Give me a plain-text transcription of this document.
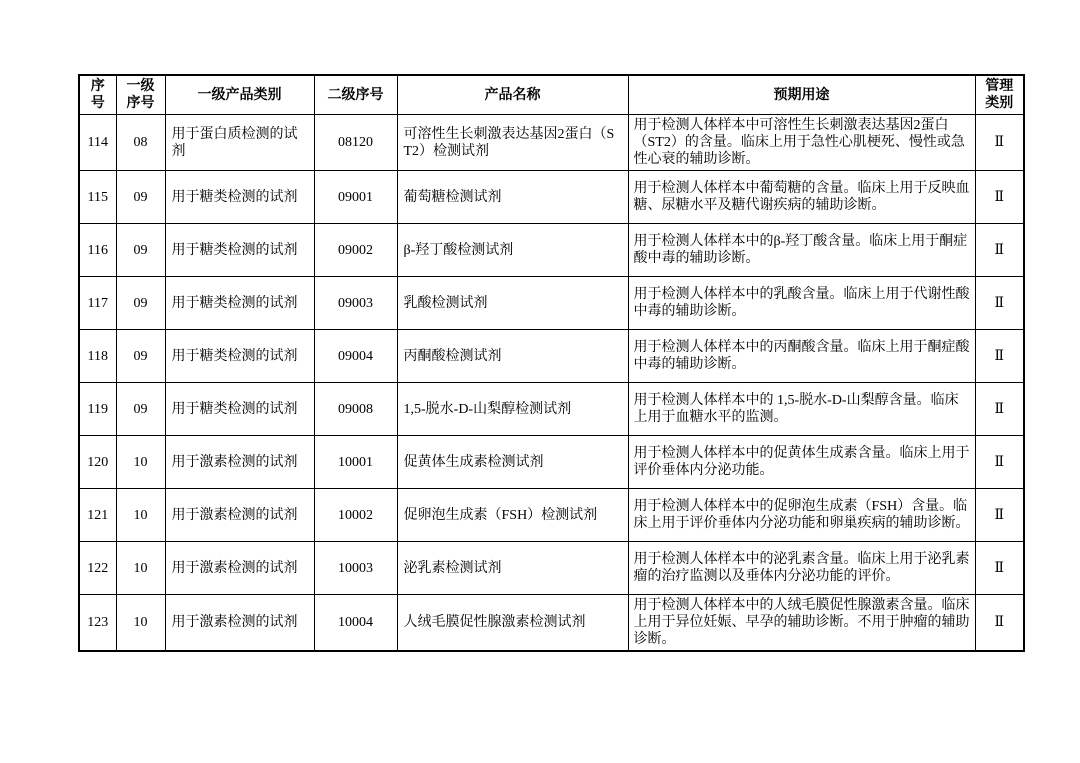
序号	一级序号	一级产品类别	二级序号	产品名称	预期用途	管理类别
114	08	用于蛋白质检测的试剂	08120	可溶性生长刺激表达基因2蛋白（ST2）检测试剂	用于检测人体样本中可溶性生长刺激表达基因2蛋白（ST2）的含量。临床上用于急性心肌梗死、慢性或急性心衰的辅助诊断。	Ⅱ
115	09	用于糖类检测的试剂	09001	葡萄糖检测试剂	用于检测人体样本中葡萄糖的含量。临床上用于反映血糖、尿糖水平及糖代谢疾病的辅助诊断。	Ⅱ
116	09	用于糖类检测的试剂	09002	β-羟丁酸检测试剂	用于检测人体样本中的β-羟丁酸含量。临床上用于酮症酸中毒的辅助诊断。	Ⅱ
117	09	用于糖类检测的试剂	09003	乳酸检测试剂	用于检测人体样本中的乳酸含量。临床上用于代谢性酸中毒的辅助诊断。	Ⅱ
118	09	用于糖类检测的试剂	09004	丙酮酸检测试剂	用于检测人体样本中的丙酮酸含量。临床上用于酮症酸中毒的辅助诊断。	Ⅱ
119	09	用于糖类检测的试剂	09008	1,5-脱水-D-山梨醇检测试剂	用于检测人体样本中的 1,5-脱水-D-山梨醇含量。临床上用于血糖水平的监测。	Ⅱ
120	10	用于激素检测的试剂	10001	促黄体生成素检测试剂	用于检测人体样本中的促黄体生成素含量。临床上用于评价垂体内分泌功能。	Ⅱ
121	10	用于激素检测的试剂	10002	促卵泡生成素（FSH）检测试剂	用于检测人体样本中的促卵泡生成素（FSH）含量。临床上用于评价垂体内分泌功能和卵巢疾病的辅助诊断。	Ⅱ
122	10	用于激素检测的试剂	10003	泌乳素检测试剂	用于检测人体样本中的泌乳素含量。临床上用于泌乳素瘤的治疗监测以及垂体内分泌功能的评价。	Ⅱ
123	10	用于激素检测的试剂	10004	人绒毛膜促性腺激素检测试剂	用于检测人体样本中的人绒毛膜促性腺激素含量。临床上用于异位妊娠、早孕的辅助诊断。不用于肿瘤的辅助诊断。	Ⅱ
